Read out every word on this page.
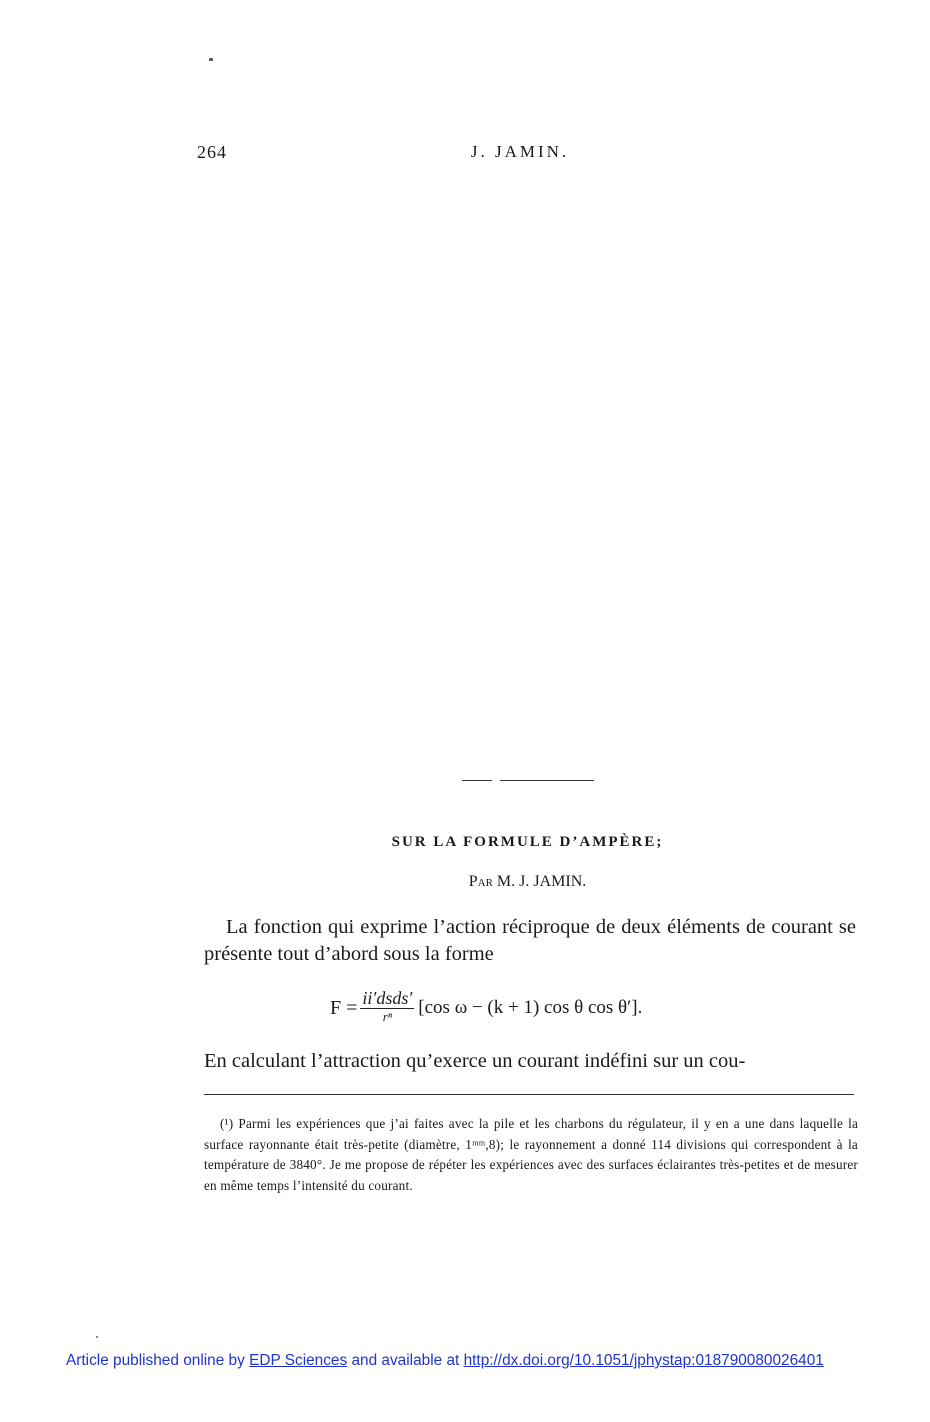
264	J. JAMIN.
SUR LA FORMULE D’AMPÈRE;
Par M. J. JAMIN.
La fonction qui exprime l’action réciproque de deux éléments de courant se présente tout d’abord sous la forme
$F = \frac{\text{ii′dsds′}}{\text{rⁿ}} [\cos$ ω − (k + 1) cos θ cos θ′].
En calculant l’attraction qu’exerce un courant indéfini sur un cou-
(¹) Parmi les expériences que j’ai faites avec la pile et les charbons du régulateur, il y en a une dans laquelle la surface rayonnante était très-petite (diamètre, 1ᵐᵐ,8); le rayonnement a donné 114 divisions qui correspondent à la température de 3840°. Je me propose de répéter les expériences avec des surfaces éclairantes très-petites et de mesurer en même temps l’intensité du courant.
Article published online by EDP Sciences and available at http://dx.doi.org/10.1051/jphystap:018790080026401
